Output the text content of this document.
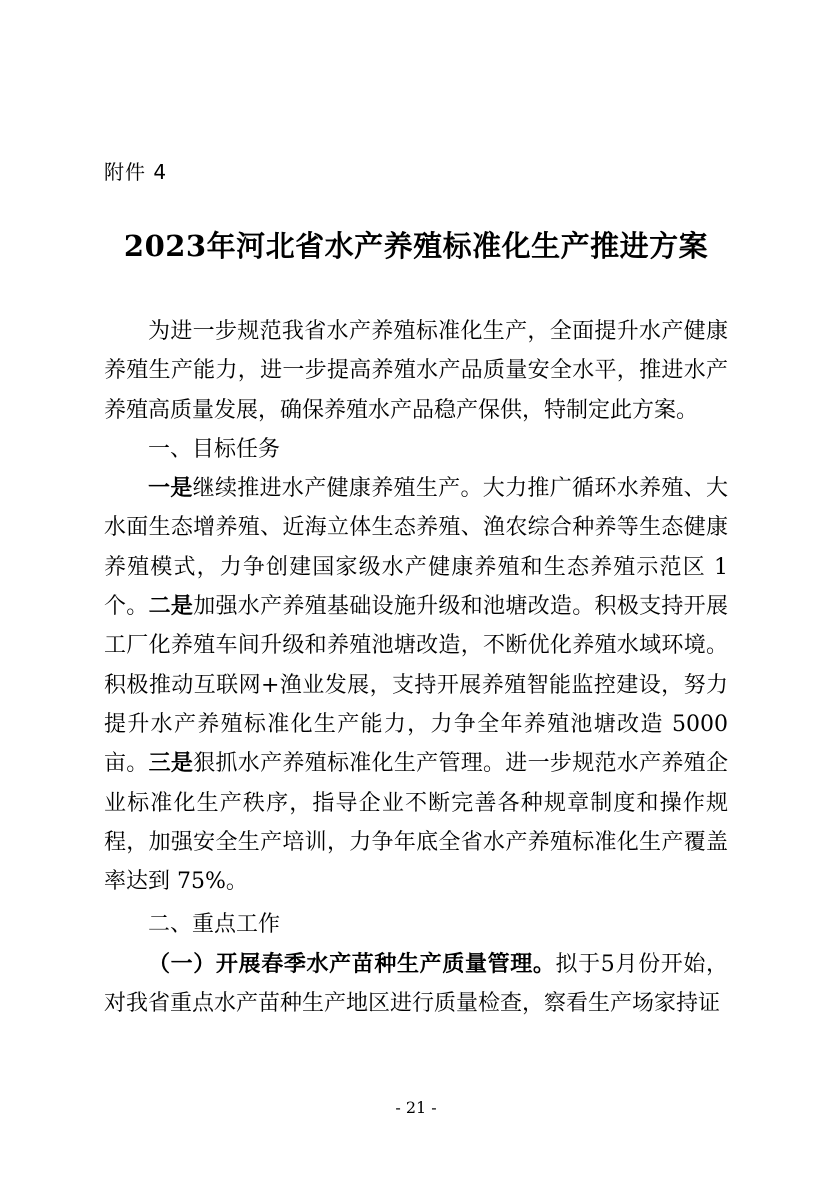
附件 4
2023年河北省水产养殖标准化生产推进方案

为进一步规范我省水产养殖标准化生产，全面提升水产健康养殖生产能力，进一步提高养殖水产品质量安全水平，推进水产养殖高质量发展，确保养殖水产品稳产保供，特制定此方案。

一、目标任务

一是继续推进水产健康养殖生产。大力推广循环水养殖、大水面生态增养殖、近海立体生态养殖、渔农综合种养等生态健康养殖模式，力争创建国家级水产健康养殖和生态养殖示范区 1 个。二是加强水产养殖基础设施升级和池塘改造。积极支持开展工厂化养殖车间升级和养殖池塘改造，不断优化养殖水域环境。积极推动互联网+渔业发展，支持开展养殖智能监控建设，努力提升水产养殖标准化生产能力，力争全年养殖池塘改造 5000 亩。三是狠抓水产养殖标准化生产管理。进一步规范水产养殖企业标准化生产秩序，指导企业不断完善各种规章制度和操作规程，加强安全生产培训，力争年底全省水产养殖标准化生产覆盖率达到 75%。

二、重点工作

（一）开展春季水产苗种生产质量管理。拟于5月份开始，对我省重点水产苗种生产地区进行质量检查，察看生产场家持证

- 21 -
